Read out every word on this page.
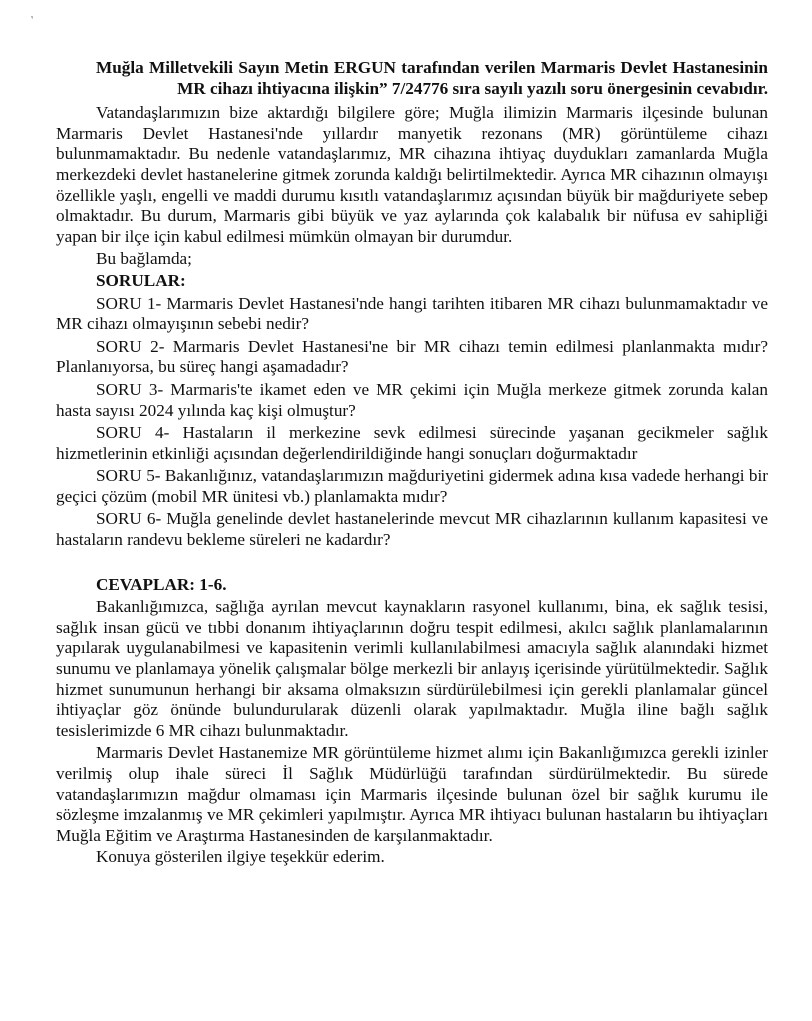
ʹ

Muğla Milletvekili Sayın Metin ERGUN tarafından verilen Marmaris Devlet Hastanesinin MR cihazı ihtiyacına ilişkin” 7/24776 sıra sayılı yazılı soru önergesinin cevabıdır.

Vatandaşlarımızın bize aktardığı bilgilere göre; Muğla ilimizin Marmaris ilçesinde bulunan Marmaris Devlet Hastanesi'nde yıllardır manyetik rezonans (MR) görüntüleme cihazı bulunmamaktadır. Bu nedenle vatandaşlarımız, MR cihazına ihtiyaç duydukları zamanlarda Muğla merkezdeki devlet hastanelerine gitmek zorunda kaldığı belirtilmektedir. Ayrıca MR cihazının olmayışı özellikle yaşlı, engelli ve maddi durumu kısıtlı vatandaşlarımız açısından büyük bir mağduriyete sebep olmaktadır. Bu durum, Marmaris gibi büyük ve yaz aylarında çok kalabalık bir nüfusa ev sahipliği yapan bir ilçe için kabul edilmesi mümkün olmayan bir durumdur.

Bu bağlamda;

SORULAR:

SORU 1- Marmaris Devlet Hastanesi'nde hangi tarihten itibaren MR cihazı bulunmamaktadır ve MR cihazı olmayışının sebebi nedir?

SORU 2- Marmaris Devlet Hastanesi'ne bir MR cihazı temin edilmesi planlanmakta mıdır? Planlanıyorsa, bu süreç hangi aşamadadır?

SORU 3- Marmaris'te ikamet eden ve MR çekimi için Muğla merkeze gitmek zorunda kalan hasta sayısı 2024 yılında kaç kişi olmuştur?

SORU 4- Hastaların il merkezine sevk edilmesi sürecinde yaşanan gecikmeler sağlık hizmetlerinin etkinliği açısından değerlendirildiğinde hangi sonuçları doğurmaktadır

SORU 5- Bakanlığınız, vatandaşlarımızın mağduriyetini gidermek adına kısa vadede herhangi bir geçici çözüm (mobil MR ünitesi vb.) planlamakta mıdır?

SORU 6- Muğla genelinde devlet hastanelerinde mevcut MR cihazlarının kullanım kapasitesi ve hastaların randevu bekleme süreleri ne kadardır?

CEVAPLAR: 1-6.

Bakanlığımızca, sağlığa ayrılan mevcut kaynakların rasyonel kullanımı, bina, ek sağlık tesisi, sağlık insan gücü ve tıbbi donanım ihtiyaçlarının doğru tespit edilmesi, akılcı sağlık planlamalarının yapılarak uygulanabilmesi ve kapasitenin verimli kullanılabilmesi amacıyla sağlık alanındaki hizmet sunumu ve planlamaya yönelik çalışmalar bölge merkezli bir anlayış içerisinde yürütülmektedir. Sağlık hizmet sunumunun herhangi bir aksama olmaksızın sürdürülebilmesi için gerekli planlamalar güncel ihtiyaçlar göz önünde bulundurularak düzenli olarak yapılmaktadır. Muğla iline bağlı sağlık tesislerimizde 6 MR cihazı bulunmaktadır.

Marmaris Devlet Hastanemize MR görüntüleme hizmet alımı için Bakanlığımızca gerekli izinler verilmiş olup ihale süreci İl Sağlık Müdürlüğü tarafından sürdürülmektedir. Bu sürede vatandaşlarımızın mağdur olmaması için Marmaris ilçesinde bulunan özel bir sağlık kurumu ile sözleşme imzalanmış ve MR çekimleri yapılmıştır. Ayrıca MR ihtiyacı bulunan hastaların bu ihtiyaçları Muğla Eğitim ve Araştırma Hastanesinden de karşılanmaktadır.

Konuya gösterilen ilgiye teşekkür ederim.
